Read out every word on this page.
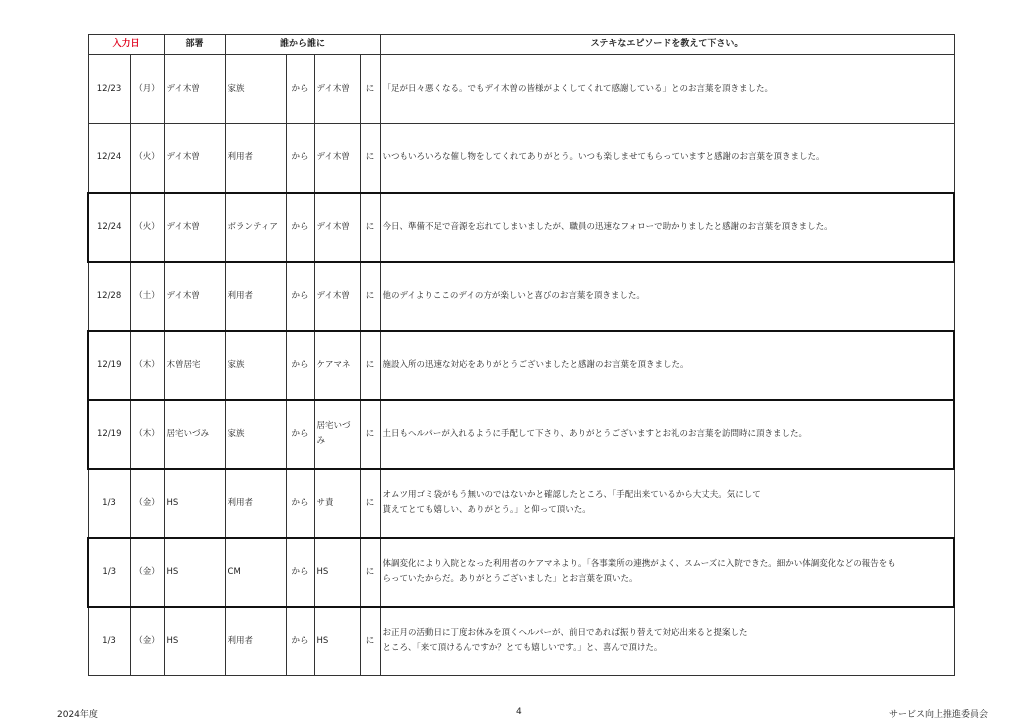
入力日		部署	誰から誰に				ステキなエピソードを教えて下さい。
12/23	（月）	デイ木曽	家族	から	デイ木曽	に	「足が日々悪くなる。でもデイ木曽の皆様がよくしてくれて感謝している」とのお言葉を頂きました。
12/24	（火）	デイ木曽	利用者	から	デイ木曽	に	いつもいろいろな催し物をしてくれてありがとう。いつも楽しませてもらっていますと感謝のお言葉を頂きました。
12/24	（火）	デイ木曽	ボランティア	から	デイ木曽	に	今日、準備不足で音源を忘れてしまいましたが、職員の迅速なフォローで助かりましたと感謝のお言葉を頂きました。
12/28	（土）	デイ木曽	利用者	から	デイ木曽	に	他のデイよりここのデイの方が楽しいと喜びのお言葉を頂きました。
12/19	（木）	木曽居宅	家族	から	ケアマネ	に	施設入所の迅速な対応をありがとうございましたと感謝のお言葉を頂きました。
12/19	（木）	居宅いづみ	家族	から	居宅いづみ	に	土日もヘルパーが入れるように手配して下さり、ありがとうございますとお礼のお言葉を訪問時に頂きました。
1/3	（金）	HS	利用者	から	サ責	に	オムツ用ゴミ袋がもう無いのではないかと確認したところ、「手配出来ているから大丈夫。気にして
貰えてとても嬉しい、ありがとう。」と仰って頂いた。
1/3	（金）	HS	CM	から	HS	に	体調変化により入院となった利用者のケアマネより。「各事業所の連携がよく、スムーズに入院できた。細かい体調変化などの報告をも
らっていたからだ。ありがとうございました」とお言葉を頂いた。
1/3	（金）	HS	利用者	から	HS	に	お正月の活動日に丁度お休みを頂くヘルパーが、前日であれば振り替えて対応出来ると提案した
ところ、「来て頂けるんですか？とても嬉しいです。」と、喜んで頂けた。
2024年度	4	サービス向上推進委員会
